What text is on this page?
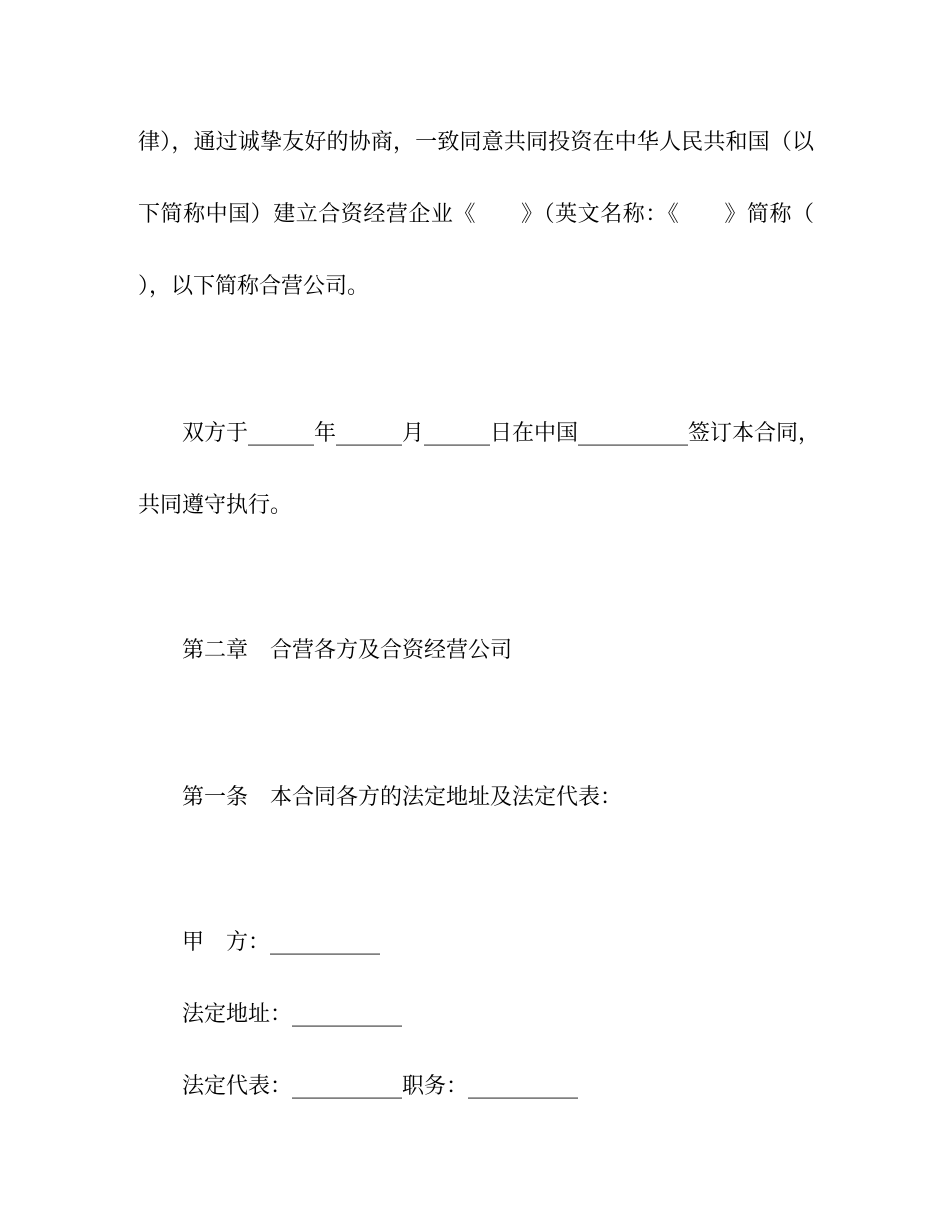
律），通过诚挚友好的协商，一致同意共同投资在中华人民共和国（以

下简称中国）建立合资经营企业《　　》（英文名称：《　　》简称（

），以下简称合营公司。

双方于______年______月______日在中国__________签订本合同，

共同遵守执行。

第二章　合营各方及合资经营公司

第一条　本合同各方的法定地址及法定代表：

甲　方：__________

法定地址：__________

法定代表：__________职务：__________
